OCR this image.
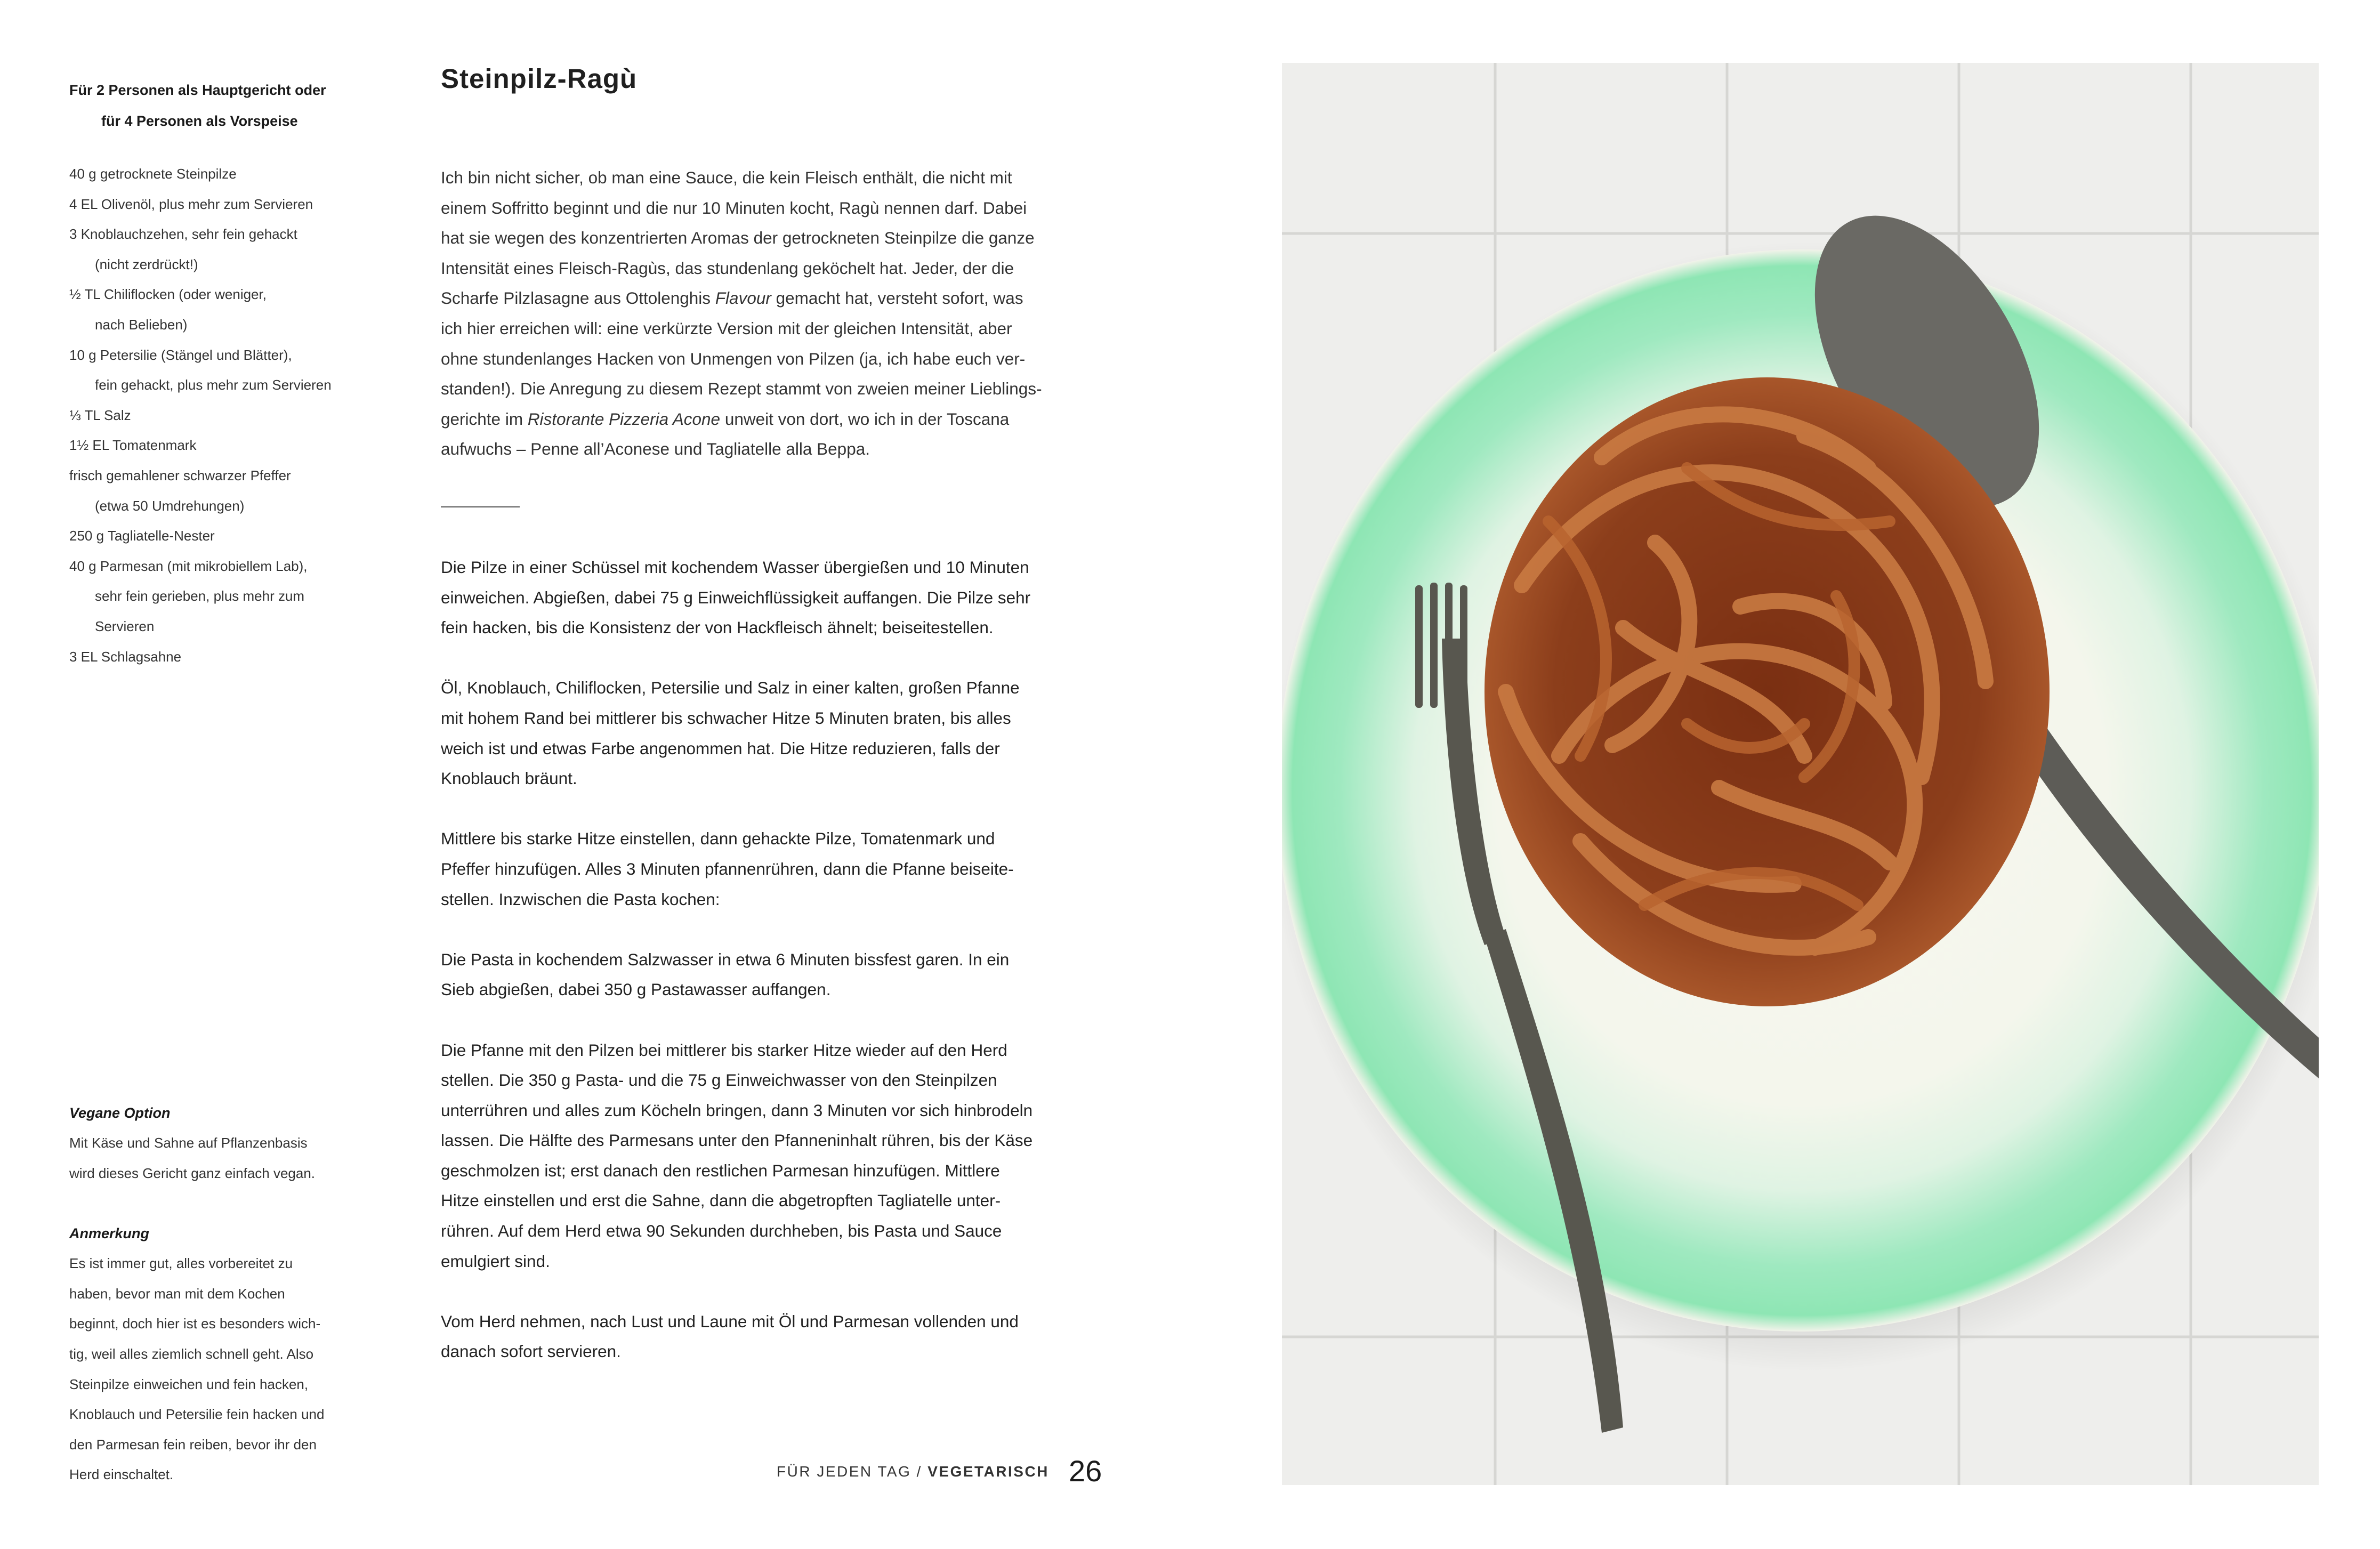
Für 2 Personen als Hauptgericht oder

für 4 Personen als Vorspeise

40 g getrocknete Steinpilze
4 EL Olivenöl, plus mehr zum Servieren
3 Knoblauchzehen, sehr fein gehackt
(nicht zerdrückt!)
½ TL Chiliflocken (oder weniger,
nach Belieben)
10 g Petersilie (Stängel und Blätter),
fein gehackt, plus mehr zum Servieren
⅓ TL Salz
1½ EL Tomatenmark
frisch gemahlener schwarzer Pfeffer
(etwa 50 Umdrehungen)
250 g Tagliatelle-Nester
40 g Parmesan (mit mikrobiellem Lab),
sehr fein gerieben, plus mehr zum
Servieren
3 EL Schlagsahne

Vegane Option

Mit Käse und Sahne auf Pflanzenbasis

wird dieses Gericht ganz einfach vegan.

Anmerkung

Es ist immer gut, alles vorbereitet zu

haben, bevor man mit dem Kochen

beginnt, doch hier ist es besonders wich-

tig, weil alles ziemlich schnell geht. Also

Steinpilze einweichen und fein hacken,

Knoblauch und Petersilie fein hacken und

den Parmesan fein reiben, bevor ihr den

Herd einschaltet.

Steinpilz-Ragù

Ich bin nicht sicher, ob man eine Sauce, die kein Fleisch enthält, die nicht mit

einem Soffritto beginnt und die nur 10 Minuten kocht, Ragù nennen darf. Dabei

hat sie wegen des konzentrierten Aromas der getrockneten Steinpilze die ganze

Intensität eines Fleisch-Ragùs, das stundenlang geköchelt hat. Jeder, der die

Scharfe Pilzlasagne aus Ottolenghis Flavour gemacht hat, versteht sofort, was

ich hier erreichen will: eine verkürzte Version mit der gleichen Intensität, aber

ohne stundenlanges Hacken von Unmengen von Pilzen (ja, ich habe euch ver-

standen!). Die Anregung zu diesem Rezept stammt von zweien meiner Lieblings-

gerichte im Ristorante Pizzeria Acone unweit von dort, wo ich in der Toscana

aufwuchs – Penne all’Aconese und Tagliatelle alla Beppa.

Die Pilze in einer Schüssel mit kochendem Wasser übergießen und 10 Minuten
einweichen. Abgießen, dabei 75 g Einweichflüssigkeit auffangen. Die Pilze sehr
fein hacken, bis die Konsistenz der von Hackfleisch ähnelt; beiseitestellen.

Öl, Knoblauch, Chiliflocken, Petersilie und Salz in einer kalten, großen Pfanne
mit hohem Rand bei mittlerer bis schwacher Hitze 5 Minuten braten, bis alles
weich ist und etwas Farbe angenommen hat. Die Hitze reduzieren, falls der
Knoblauch bräunt.

Mittlere bis starke Hitze einstellen, dann gehackte Pilze, Tomatenmark und
Pfeffer hinzufügen. Alles 3 Minuten pfannenrühren, dann die Pfanne beiseite-
stellen. Inzwischen die Pasta kochen:

Die Pasta in kochendem Salzwasser in etwa 6 Minuten bissfest garen. In ein
Sieb abgießen, dabei 350 g Pastawasser auffangen.

Die Pfanne mit den Pilzen bei mittlerer bis starker Hitze wieder auf den Herd
stellen. Die 350 g Pasta- und die 75 g Einweichwasser von den Steinpilzen
unterrühren und alles zum Köcheln bringen, dann 3 Minuten vor sich hinbrodeln
lassen. Die Hälfte des Parmesans unter den Pfanneninhalt rühren, bis der Käse
geschmolzen ist; erst danach den restlichen Parmesan hinzufügen. Mittlere
Hitze einstellen und erst die Sahne, dann die abgetropften Tagliatelle unter-
rühren. Auf dem Herd etwa 90 Sekunden durchheben, bis Pasta und Sauce
emulgiert sind.

Vom Herd nehmen, nach Lust und Laune mit Öl und Parmesan vollenden und
danach sofort servieren.

FÜR JEDEN TAG / VEGETARISCH 26
